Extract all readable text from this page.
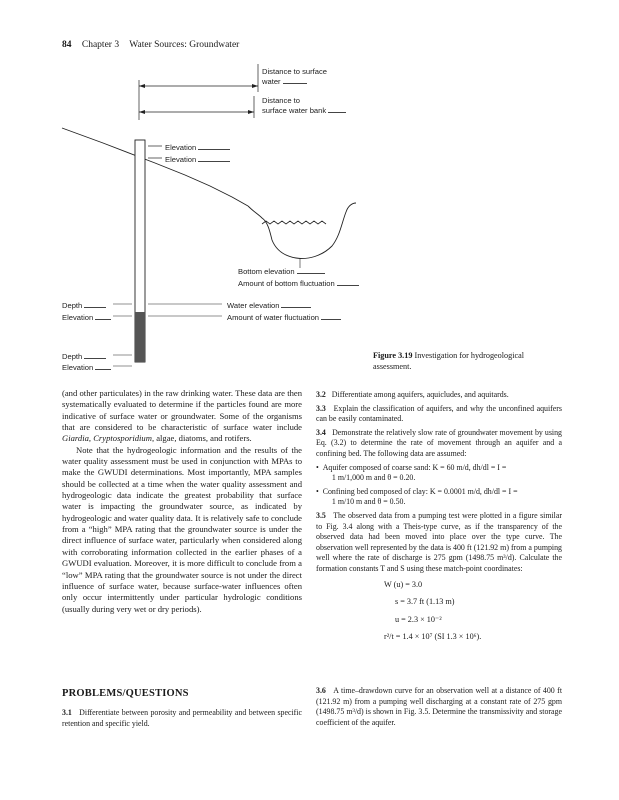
84 Chapter 3 Water Sources: Groundwater
Distance to surface
water
Distance to
surface water bank
Elevation
Elevation
Bottom elevation
Amount of bottom fluctuation
Depth
Elevation
Water elevation
Amount of water fluctuation
Depth
Elevation
Figure 3.19 Investigation for hydrogeological assessment.

(and other particulates) in the raw drinking water. These data are then systematically evaluated to determine if the particles found are more indicative of surface water or groundwater. Some of the organisms that are considered to be characteristic of surface water include Giardia, Cryptosporidium, algae, diatoms, and rotifers.

Note that the hydrogeologic information and the results of the water quality assessment must be used in conjunction with MPAs to make the GWUDI determinations. Most importantly, MPA samples should be collected at a time when the water quality assessment and hydrogeologic data indicate the greatest probability that surface water is impacting the groundwater source, as indicated by hydrogeologic and water quality data. It is relatively safe to conclude from a “high” MPA rating that the groundwater source is under the direct influence of surface water, particularly when considered along with corroborating information collected in the earlier phases of a GWUDI evaluation. Moreover, it is more difficult to conclude from a “low” MPA rating that the groundwater source is not under the direct influence of surface water, because surface-water influences often only occur intermittently under particular hydrologic conditions (usually during very wet or dry periods).

PROBLEMS/QUESTIONS
3.1 Differentiate between porosity and permeability and between specific retention and specific yield.

3.2 Differentiate among aquifers, aquicludes, and aquitards.

3.3 Explain the classification of aquifers, and why the unconfined aquifers can be easily contaminated.

3.4 Demonstrate the relatively slow rate of groundwater movement by using Eq. (3.2) to determine the rate of movement through an aquifer and a confining bed. The following data are assumed:

•  Aquifer composed of coarse sand: K = 60 m/d, dh/dl = I =
1 m/1,000 m and θ = 0.20.

•  Confining bed composed of clay: K = 0.0001 m/d, dh/dl = I =
1 m/10 m and θ = 0.50.

3.5 The observed data from a pumping test were plotted in a figure similar to Fig. 3.4 along with a Theis-type curve, as if the transparency of the observed data had been moved into place over the type curve. The observation well represented by the data is 400 ft (121.92 m) from a pumping well where the rate of discharge is 275 gpm (1498.75 m³/d). Calculate the formation constants T and S using these match-point coordinates:

W (u) = 3.0
s = 3.7 ft (1.13 m)
u = 2.3 × 10⁻²
r²/t = 1.4 × 10⁷ (SI 1.3 × 10⁶).
3.6 A time–drawdown curve for an observation well at a distance of 400 ft (121.92 m) from a pumping well discharging at a constant rate of 275 gpm (1498.75 m³/d) is shown in Fig. 3.5. Determine the transmissivity and storage coefficient of the aquifer.
